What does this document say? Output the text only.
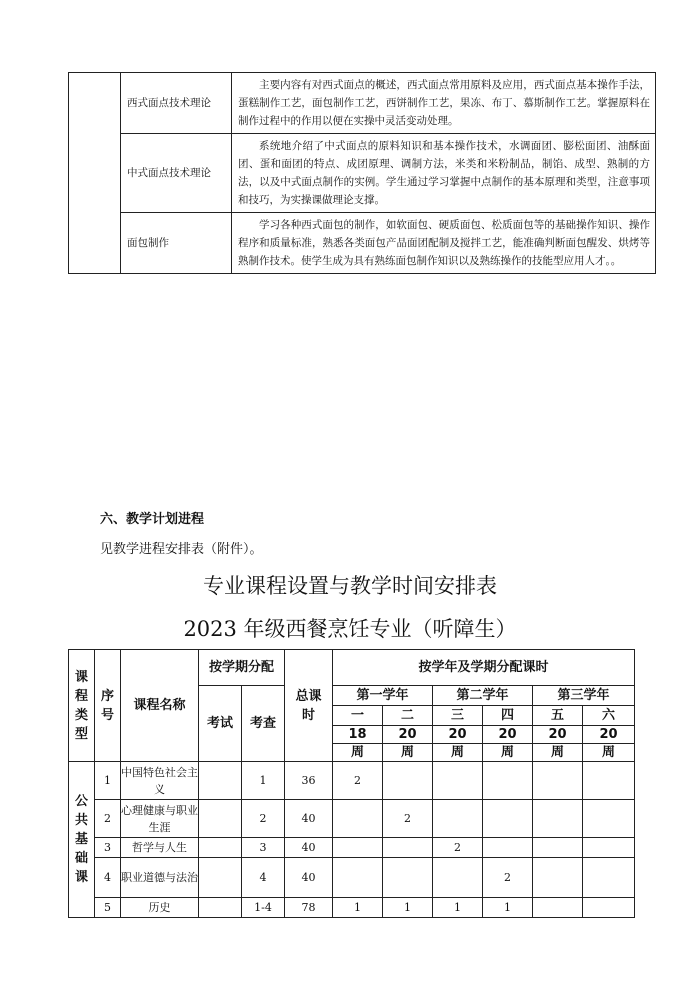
	西式面点技术理论	主要内容有对西式面点的概述，西式面点常用原料及应用，西式面点基本操作手法，蛋糕制作工艺，面包制作工艺，西饼制作工艺，果冻、布丁、慕斯制作工艺。掌握原料在制作过程中的作用以便在实操中灵活变动处理。
	中式面点技术理论	系统地介绍了中式面点的原料知识和基本操作技术，水调面团、膨松面团、油酥面团、蛋和面团的特点、成团原理、调制方法，米类和米粉制品，制馅、成型、熟制的方法，以及中式面点制作的实例。学生通过学习掌握中点制作的基本原理和类型，注意事项和技巧，为实操课做理论支撑。
	面包制作	学习各种西式面包的制作，如软面包、硬质面包、松质面包等的基础操作知识、操作程序和质量标准，熟悉各类面包产品面团配制及搅拌工艺，能准确判断面包醒发、烘烤等熟制作技术。使学生成为具有熟练面包制作知识以及熟练操作的技能型应用人才。。
六、教学计划进程
见教学进程安排表（附件）。
专业课程设置与教学时间安排表
2023 年级西餐烹饪专业（听障生）
课程类型	序号	课程名称	按学期分配		总课时	按学年及学期分配课时					
			考试	考查		第一学年		第二学年		第三学年	
						一	二	三	四	五	六
						18	20	20	20	20	20
						周	周	周	周	周	周

公共基础课	1	中国特色社会主义		1	36	2					
	2	心理健康与职业生涯		2	40		2				
	3	哲学与人生		3	40			2			
	4	职业道德与法治		4	40				2		
	5	历史		1-4	78	1	1	1	1		
